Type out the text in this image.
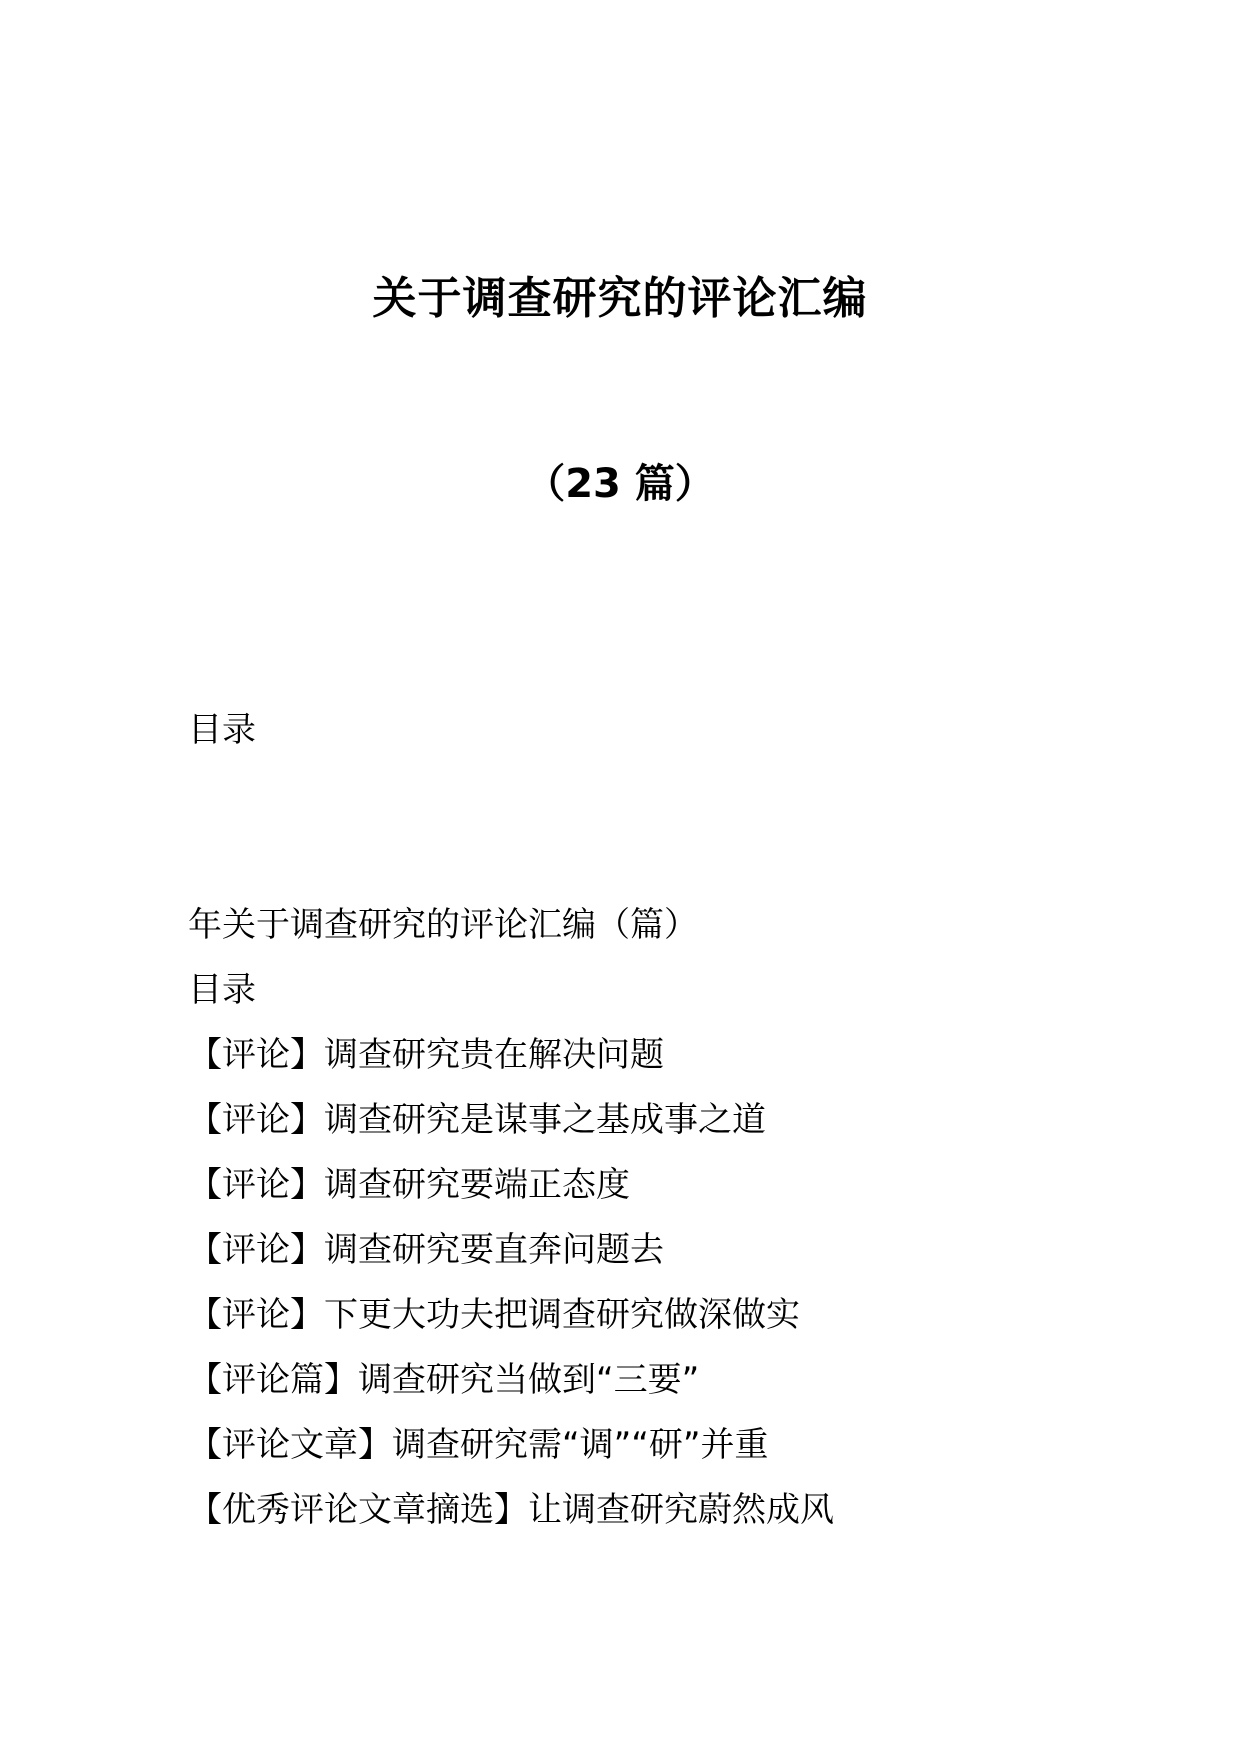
关于调查研究的评论汇编
（23 篇）
目录
年关于调查研究的评论汇编（篇）
目录
【评论】调查研究贵在解决问题
【评论】调查研究是谋事之基成事之道
【评论】调查研究要端正态度
【评论】调查研究要直奔问题去
【评论】下更大功夫把调查研究做深做实
【评论篇】调查研究当做到“三要”
【评论文章】调查研究需“调”“研”并重
【优秀评论文章摘选】让调查研究蔚然成风
